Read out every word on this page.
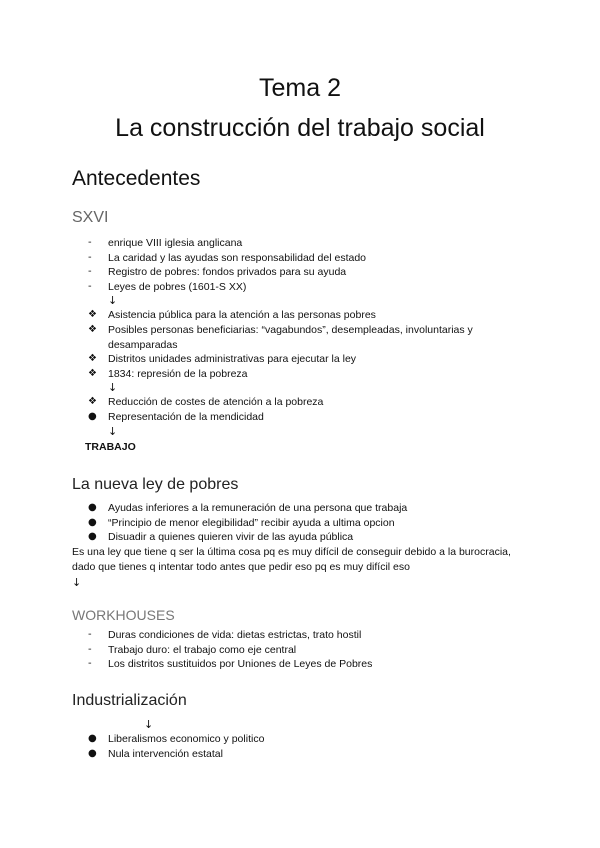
Tema 2
La construcción del trabajo social
Antecedentes
SXVI
-	enrique VIII iglesia anglicana
-	La caridad y las ayudas son responsabilidad del estado
-	Registro de pobres: fondos privados para su ayuda
-	Leyes de pobres (1601-S XX)
↓
❖	Asistencia pública para la atención a las personas pobres
❖	Posibles personas beneficiarias: “vagabundos”, desempleadas, involuntarias y desamparadas
❖	Distritos unidades administrativas para ejecutar la ley
❖	1834: represión de la pobreza
↓
❖	Reducción de costes de atención a la pobreza
●	Representación de la mendicidad
↓
TRABAJO
La nueva ley de pobres
●	Ayudas inferiores a la remuneración de una persona que trabaja
●	“Principio de menor elegibilidad” recibir ayuda a ultima opcion
●	Disuadir a quienes quieren vivir de las ayuda pública
Es una ley que tiene q ser la última cosa pq es muy difícil de conseguir debido a la burocracia, dado que tienes q intentar todo antes que pedir eso pq es muy difícil eso
↓
WORKHOUSES
-	Duras condiciones de vida: dietas estrictas, trato hostil
-	Trabajo duro: el trabajo como eje central
-	Los distritos sustituidos por Uniones de Leyes de Pobres
Industrialización
↓
●	Liberalismos economico y politico
●	Nula intervención estatal
